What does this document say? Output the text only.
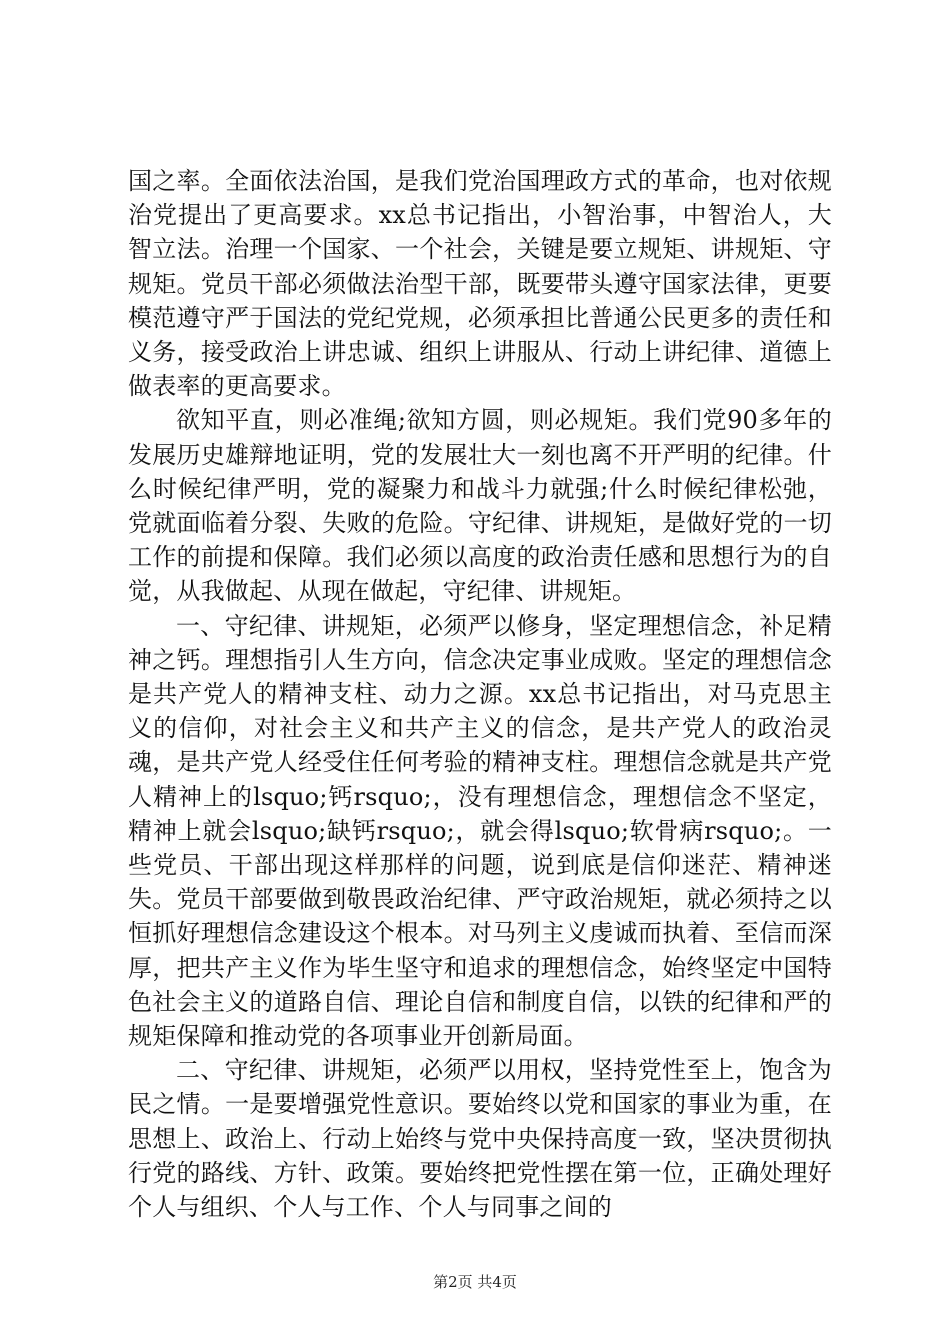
国之率。全面依法治国，是我们党治国理政方式的革命，也对依规治党提出了更高要求。xx总书记指出，小智治事，中智治人，大智立法。治理一个国家、一个社会，关键是要立规矩、讲规矩、守规矩。党员干部必须做法治型干部，既要带头遵守国家法律，更要模范遵守严于国法的党纪党规，必须承担比普通公民更多的责任和义务，接受政治上讲忠诚、组织上讲服从、行动上讲纪律、道德上做表率的更高要求。

欲知平直，则必准绳;欲知方圆，则必规矩。我们党90多年的发展历史雄辩地证明，党的发展壮大一刻也离不开严明的纪律。什么时候纪律严明，党的凝聚力和战斗力就强;什么时候纪律松弛，党就面临着分裂、失败的危险。守纪律、讲规矩，是做好党的一切工作的前提和保障。我们必须以高度的政治责任感和思想行为的自觉，从我做起、从现在做起，守纪律、讲规矩。

一、守纪律、讲规矩，必须严以修身，坚定理想信念，补足精神之钙。理想指引人生方向，信念决定事业成败。坚定的理想信念是共产党人的精神支柱、动力之源。xx总书记指出，对马克思主义的信仰，对社会主义和共产主义的信念，是共产党人的政治灵魂，是共产党人经受住任何考验的精神支柱。理想信念就是共产党人精神上的lsquo;钙rsquo;，没有理想信念，理想信念不坚定，精神上就会lsquo;缺钙rsquo;，就会得lsquo;软骨病rsquo;。一些党员、干部出现这样那样的问题，说到底是信仰迷茫、精神迷失。党员干部要做到敬畏政治纪律、严守政治规矩，就必须持之以恒抓好理想信念建设这个根本。对马列主义虔诚而执着、至信而深厚，把共产主义作为毕生坚守和追求的理想信念，始终坚定中国特色社会主义的道路自信、理论自信和制度自信，以铁的纪律和严的规矩保障和推动党的各项事业开创新局面。

二、守纪律、讲规矩，必须严以用权，坚持党性至上，饱含为民之情。一是要增强党性意识。要始终以党和国家的事业为重，在思想上、政治上、行动上始终与党中央保持高度一致，坚决贯彻执行党的路线、方针、政策。要始终把党性摆在第一位，正确处理好个人与组织、个人与工作、个人与同事之间的

第2页 共4页
